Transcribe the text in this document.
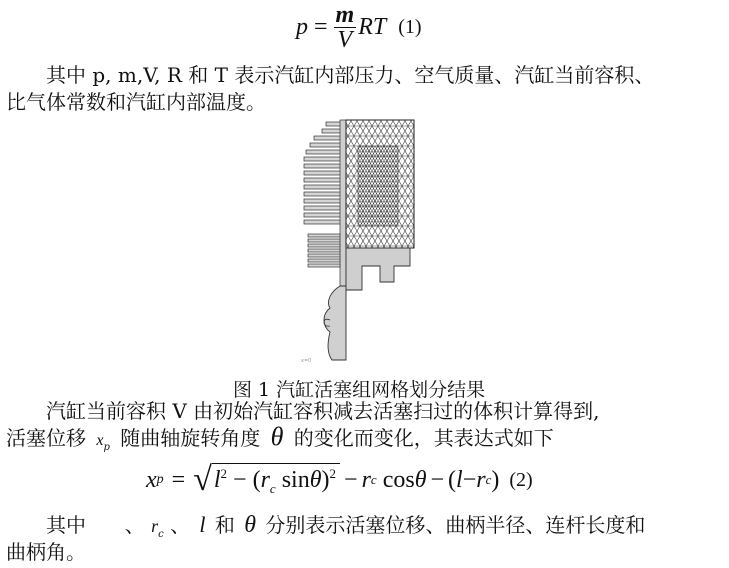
$p = \frac{m}{V}$ RT (1)
其中 p, m,V, R 和 T 表示汽缸内部压力、空气质量、汽缸当前容积、
比气体常数和汽缸内部温度。
x=0
图 1 汽缸活塞组网格划分结果
汽缸当前容积 V 由初始汽缸容积减去活塞扫过的体积计算得到,
活塞位移 $x_p$ 随曲轴旋转角度 θ 的变化而变化，其表达式如下
x p = √ $l^2 - (r_c$ sinθ)$^2$ − r c cos θ − ( l − r c ) (2)
其中 、 $r_c$ 、 l 和 θ 分别表示活塞位移、曲柄半径、连杆长度和
曲柄角。
